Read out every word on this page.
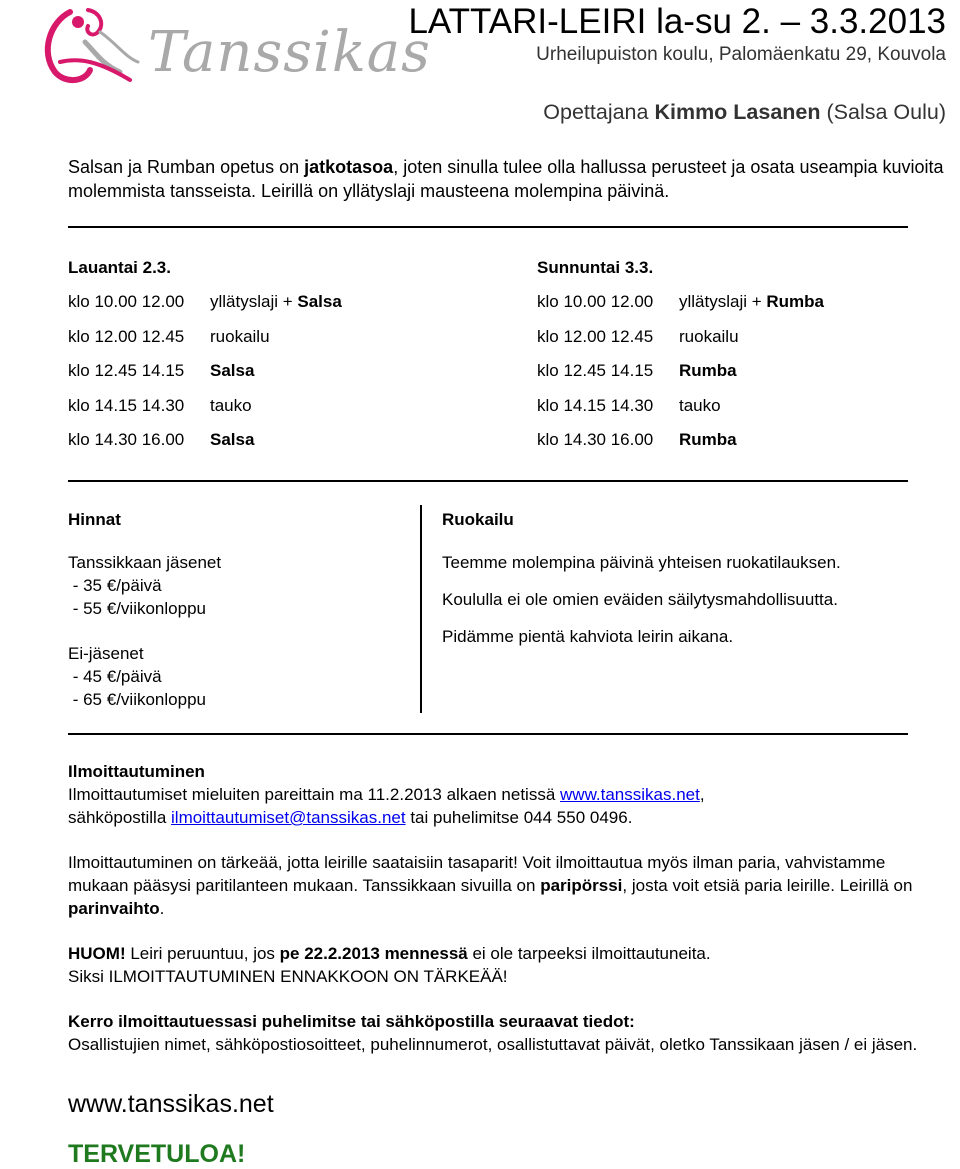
Tanssikas
LATTARI-LEIRI la-su 2. – 3.3.2013
Urheilupuiston koulu, Palomäenkatu 29, Kouvola
Opettajana Kimmo Lasanen (Salsa Oulu)
Salsan ja Rumban opetus on jatkotasoa, joten sinulla tulee olla hallussa perusteet ja osata useampia kuvioita molemmista tansseista. Leirillä on yllätyslaji mausteena molempina päivinä.
Lauantai 2.3.	Sunnuntai 3.3.
klo 10.00 12.00 yllätyslaji + Salsa
klo 12.00 12.45 ruokailu
klo 12.45 14.15 Salsa
klo 14.15 14.30 tauko
klo 14.30 16.00 Salsa
klo 10.00 12.00 yllätyslaji + Rumba
klo 12.00 12.45 ruokailu
klo 12.45 14.15 Rumba
klo 14.15 14.30 tauko
klo 14.30 16.00 Rumba
Hinnat
Tanssikkaan jäsenet
- 35 €/päivä
- 55 €/viikonloppu
Ei-jäsenet
- 45 €/päivä
- 65 €/viikonloppu
Ruokailu
Teemme molempina päivinä yhteisen ruokatilauksen.
Koululla ei ole omien eväiden säilytysmahdollisuutta.
Pidämme pientä kahviota leirin aikana.
Ilmoittautuminen
Ilmoittautumiset mieluiten pareittain ma 11.2.2013 alkaen netissä www.tanssikas.net,
sähköpostilla ilmoittautumiset@tanssikas.net tai puhelimitse 044 550 0496.
Ilmoittautuminen on tärkeää, jotta leirille saataisiin tasaparit! Voit ilmoittautua myös ilman paria, vahvistamme mukaan pääsysi paritilanteen mukaan. Tanssikkaan sivuilla on paripörssi, josta voit etsiä paria leirille. Leirillä on parinvaihto.
HUOM! Leiri peruuntuu, jos pe 22.2.2013 mennessä ei ole tarpeeksi ilmoittautuneita.
Siksi ILMOITTAUTUMINEN ENNAKKOON ON TÄRKEÄÄ!
Kerro ilmoittautuessasi puhelimitse tai sähköpostilla seuraavat tiedot:
Osallistujien nimet, sähköpostiosoitteet, puhelinnumerot, osallistuttavat päivät, oletko Tanssikaan jäsen / ei jäsen.
www.tanssikas.net
TERVETULOA!
